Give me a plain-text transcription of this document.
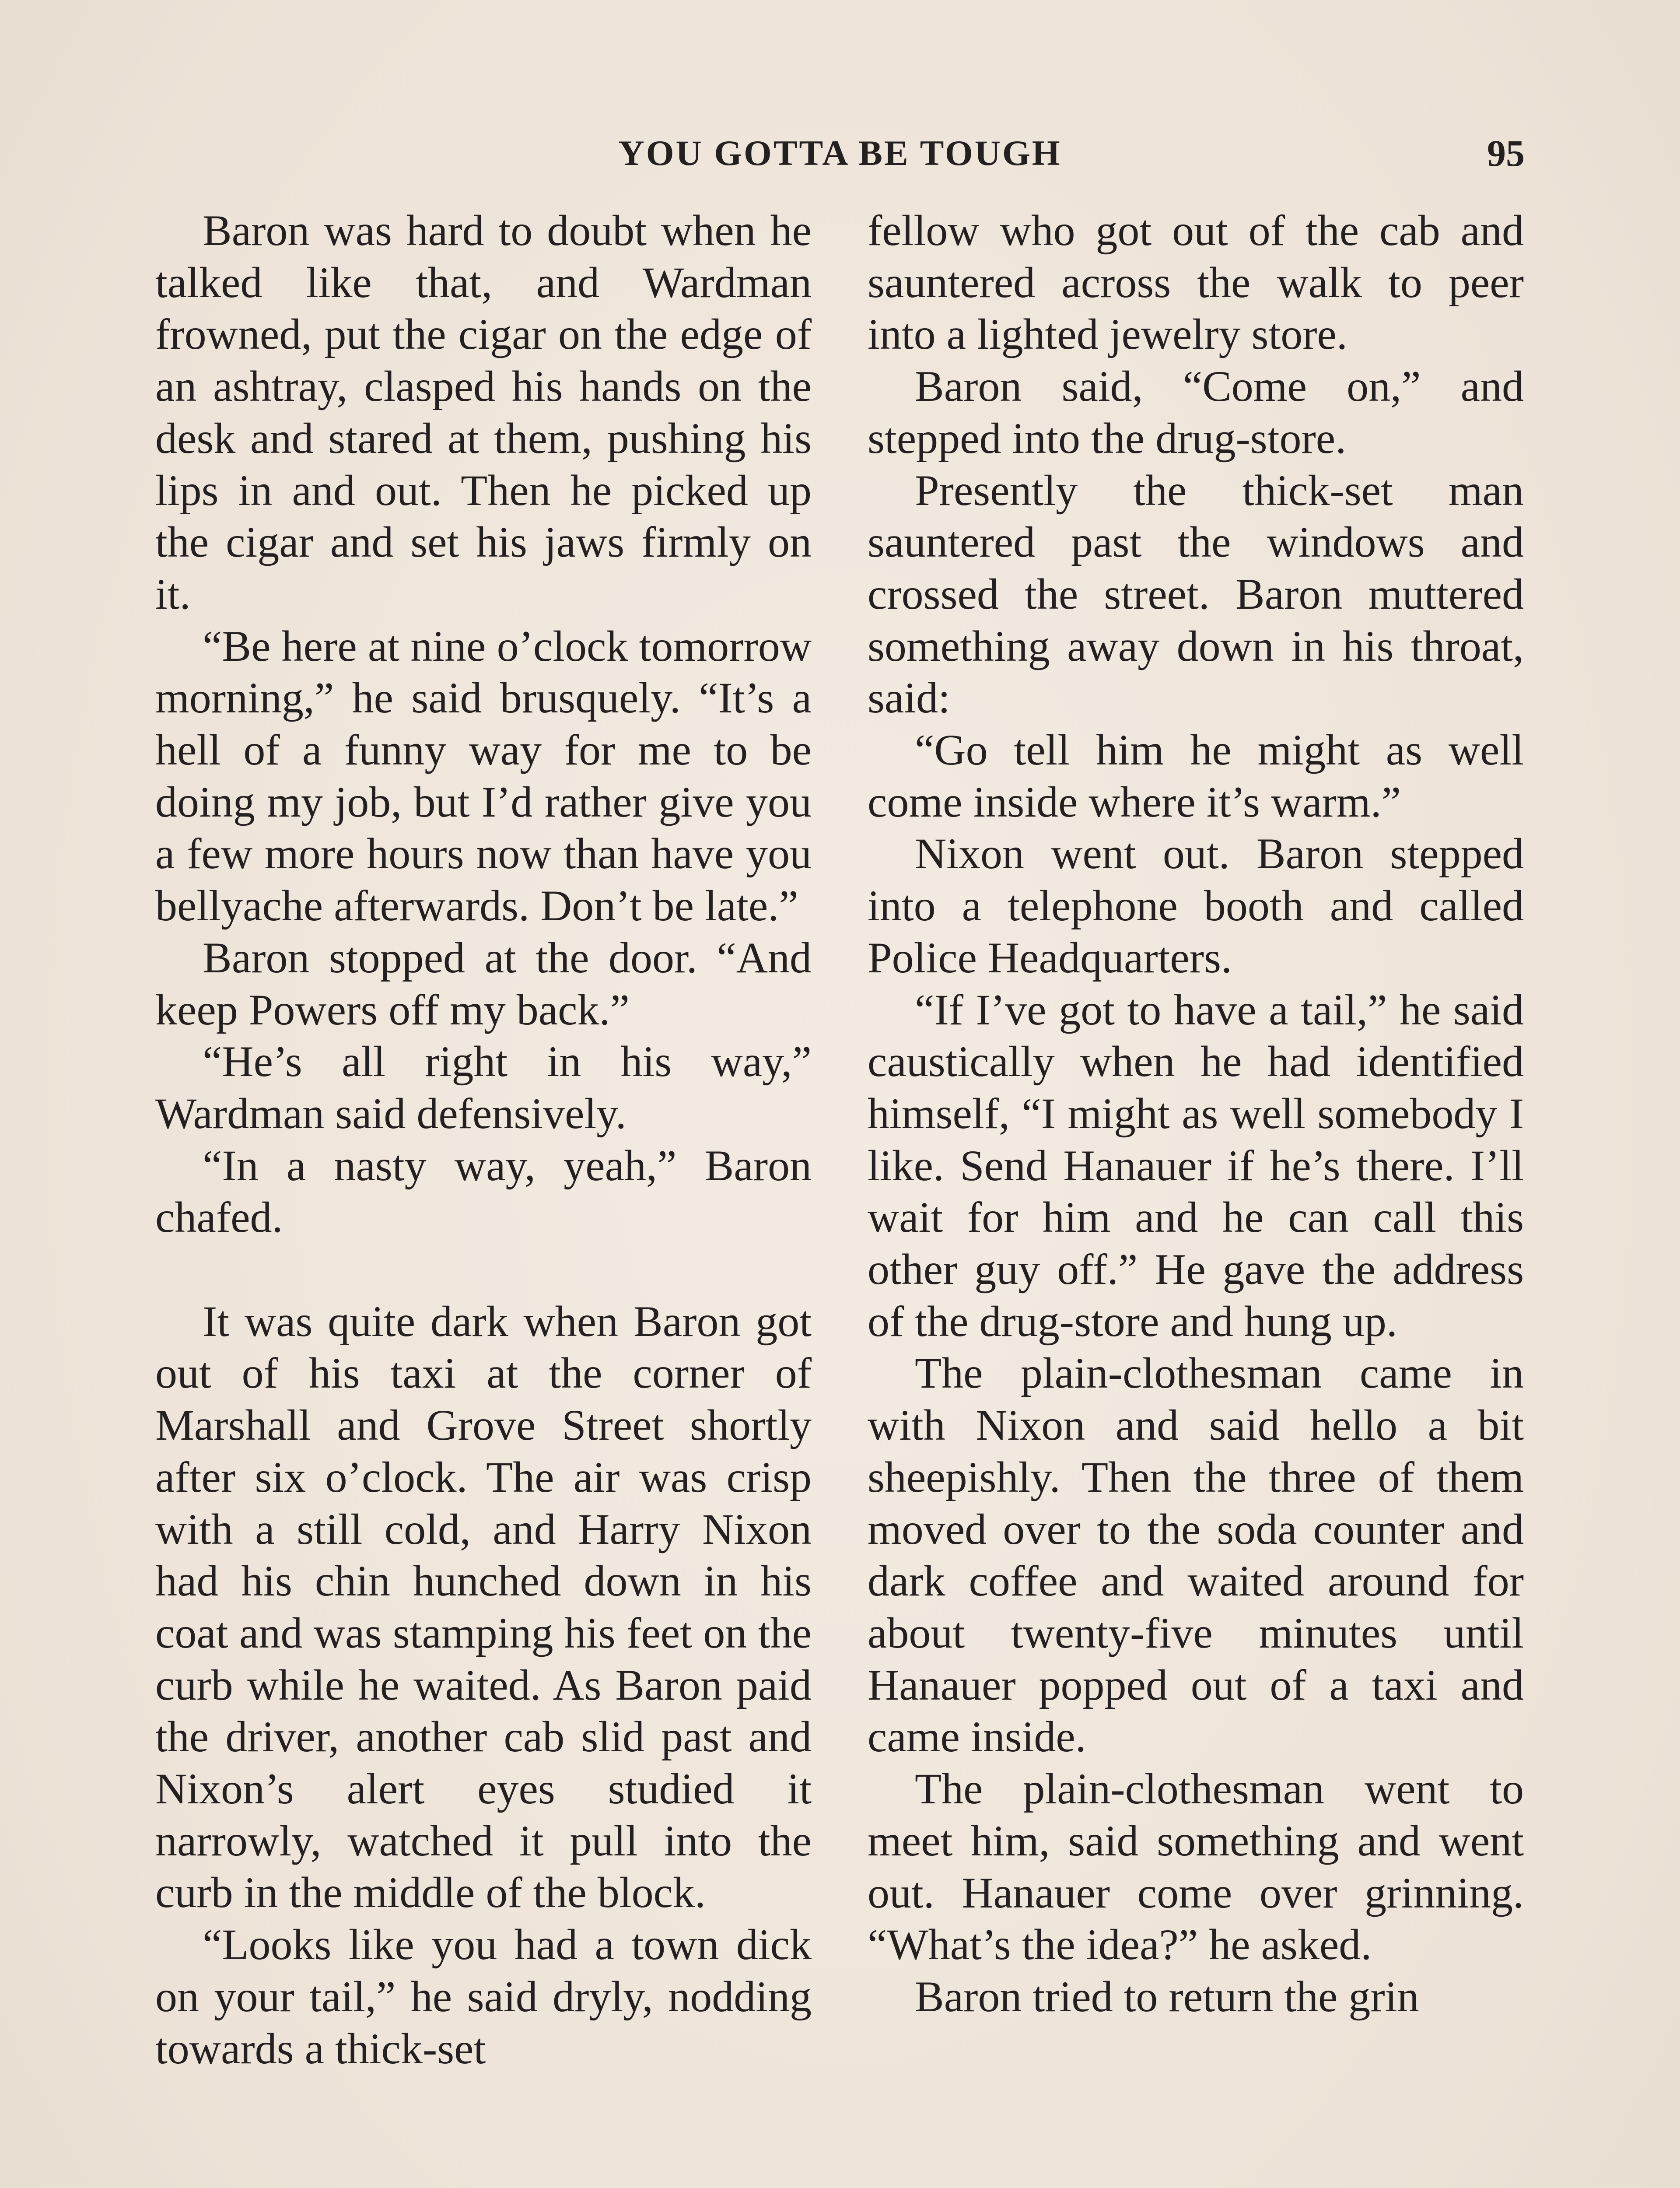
YOU GOTTA BE TOUGH	95

Baron was hard to doubt when he talked like that, and Wardman frowned, put the cigar on the edge of an ashtray, clasped his hands on the desk and stared at them, pushing his lips in and out. Then he picked up the cigar and set his jaws firmly on it.

“Be here at nine o’clock tomorrow morning,” he said brusquely. “It’s a hell of a funny way for me to be doing my job, but I’d rather give you a few more hours now than have you bellyache afterwards. Don’t be late.”

Baron stopped at the door. “And keep Powers off my back.”

“He’s all right in his way,” Wardman said defensively.

“In a nasty way, yeah,” Baron chafed.

It was quite dark when Baron got out of his taxi at the corner of Marshall and Grove Street shortly after six o’clock. The air was crisp with a still cold, and Harry Nixon had his chin hunched down in his coat and was stamping his feet on the curb while he waited. As Baron paid the driver, another cab slid past and Nixon’s alert eyes studied it narrowly, watched it pull into the curb in the middle of the block.

“Looks like you had a town dick on your tail,” he said dryly, nodding towards a thick-set

fellow who got out of the cab and sauntered across the walk to peer into a lighted jewelry store.

Baron said, “Come on,” and stepped into the drug-store.

Presently the thick-set man sauntered past the windows and crossed the street. Baron muttered something away down in his throat, said:

“Go tell him he might as well come inside where it’s warm.”

Nixon went out. Baron stepped into a telephone booth and called Police Headquarters.

“If I’ve got to have a tail,” he said caustically when he had identified himself, “I might as well somebody I like. Send Hanauer if he’s there. I’ll wait for him and he can call this other guy off.” He gave the address of the drug-store and hung up.

The plain-clothesman came in with Nixon and said hello a bit sheepishly. Then the three of them moved over to the soda counter and dark coffee and waited around for about twenty-five minutes until Hanauer popped out of a taxi and came inside.

The plain-clothesman went to meet him, said something and went out. Hanauer come over grinning. “What’s the idea?” he asked.

Baron tried to return the grin
